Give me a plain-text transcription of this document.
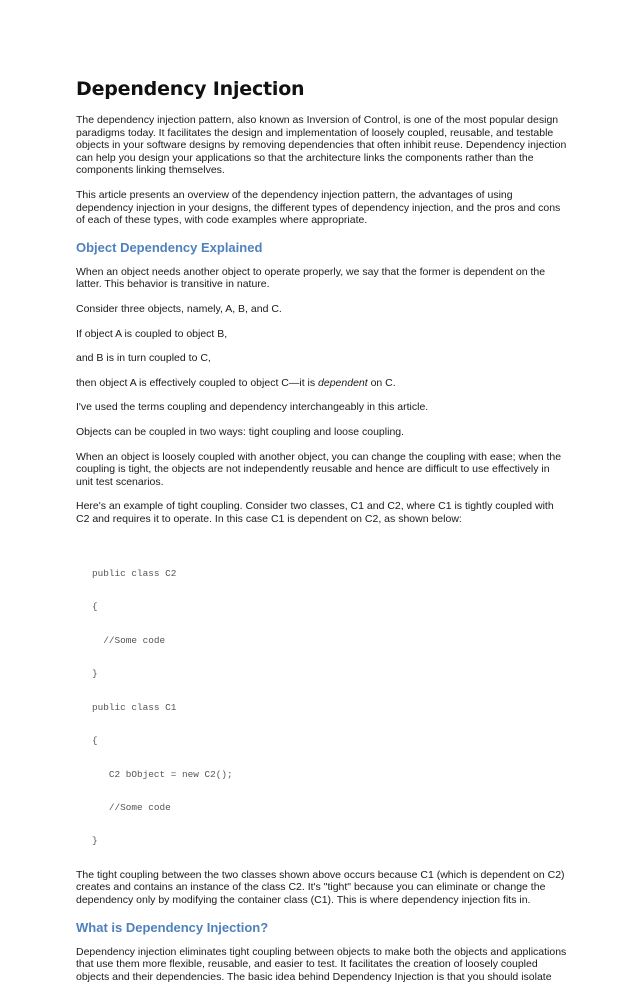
Dependency Injection

The dependency injection pattern, also known as Inversion of Control, is one of the most popular design paradigms today. It facilitates the design and implementation of loosely coupled, reusable, and testable objects in your software designs by removing dependencies that often inhibit reuse. Dependency injection can help you design your applications so that the architecture links the components rather than the components linking themselves.

This article presents an overview of the dependency injection pattern, the advantages of using dependency injection in your designs, the different types of dependency injection, and the pros and cons of each of these types, with code examples where appropriate.

Object Dependency Explained

When an object needs another object to operate properly, we say that the former is dependent on the latter. This behavior is transitive in nature.

Consider three objects, namely, A, B, and C.

If object A is coupled to object B,

and B is in turn coupled to C,

then object A is effectively coupled to object C—it is dependent on C.

I've used the terms coupling and dependency interchangeably in this article.

Objects can be coupled in two ways: tight coupling and loose coupling.

When an object is loosely coupled with another object, you can change the coupling with ease; when the coupling is tight, the objects are not independently reusable and hence are difficult to use effectively in unit test scenarios.

Here's an example of tight coupling. Consider two classes, C1 and C2, where C1 is tightly coupled with C2 and requires it to operate. In this case C1 is dependent on C2, as shown below:

public class C2

{

//Some code

}

public class C1

{

C2 bObject = new C2();

//Some code

}

The tight coupling between the two classes shown above occurs because C1 (which is dependent on C2) creates and contains an instance of the class C2. It's "tight" because you can eliminate or change the dependency only by modifying the container class (C1). This is where dependency injection fits in.

What is Dependency Injection?

Dependency injection eliminates tight coupling between objects to make both the objects and applications that use them more flexible, reusable, and easier to test. It facilitates the creation of loosely coupled objects and their dependencies. The basic idea behind Dependency Injection is that you should isolate
